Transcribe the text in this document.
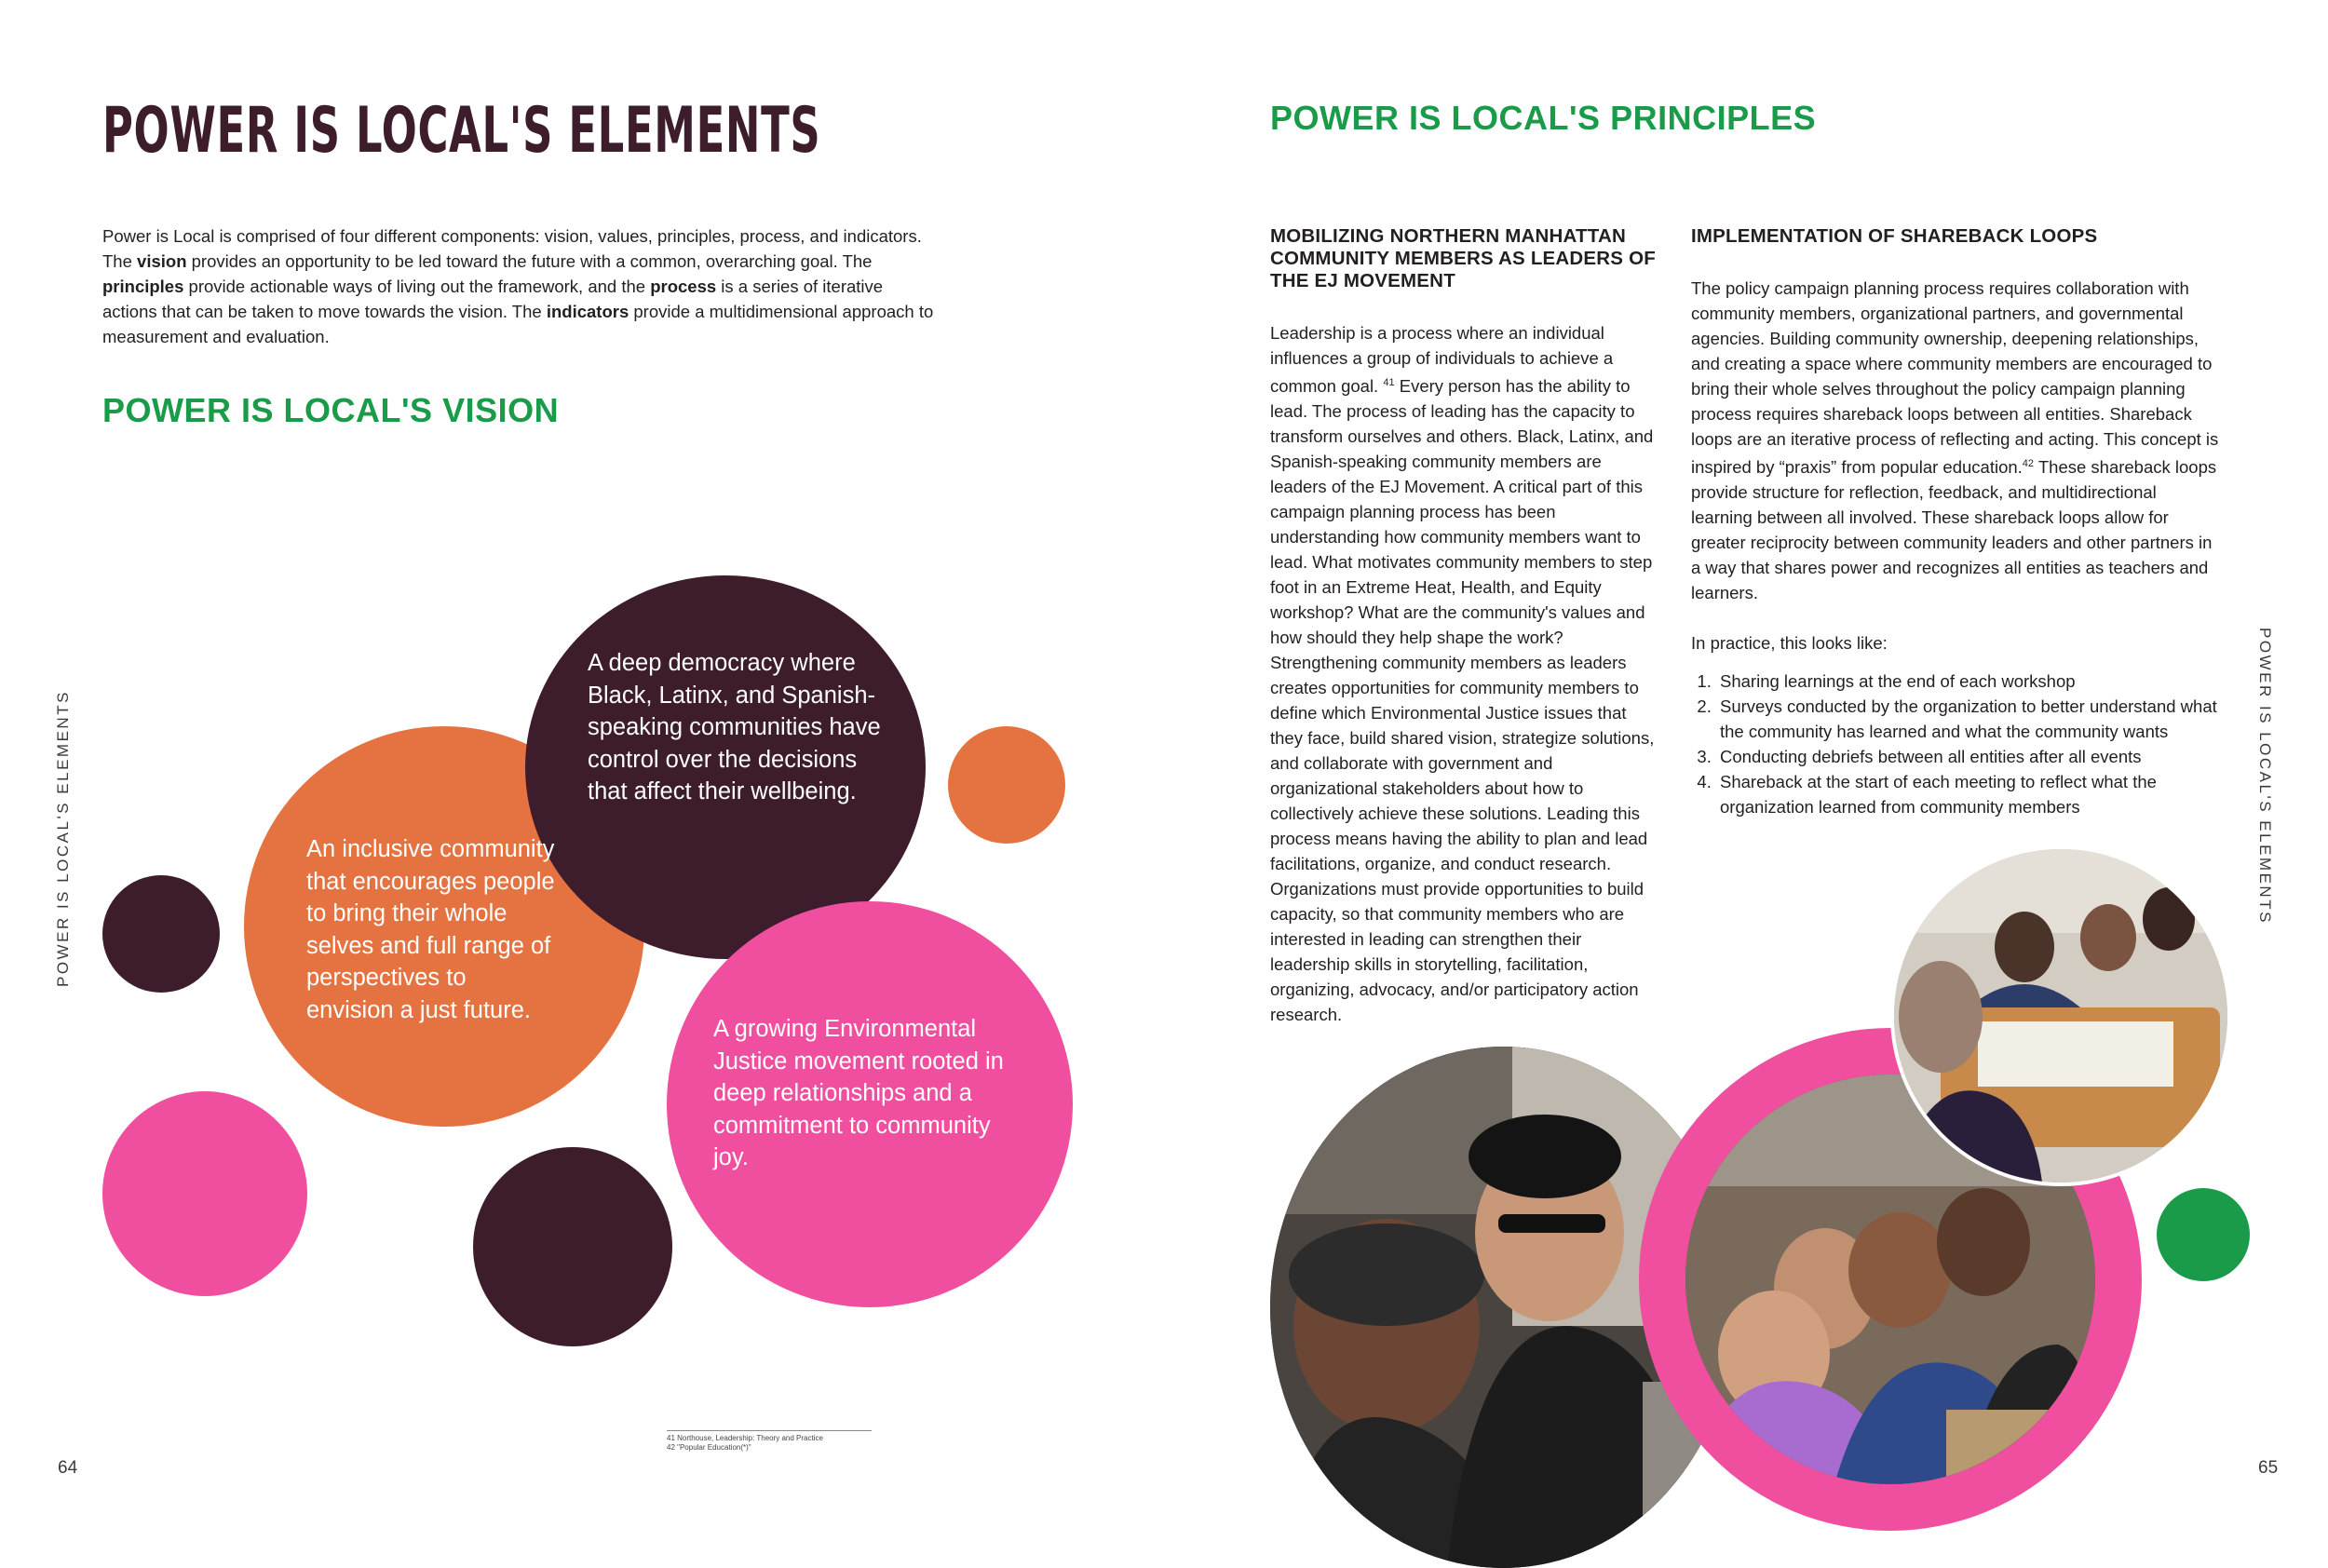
POWER IS LOCAL'S ELEMENTS

Power is Local is comprised of four different components: vision, values, principles, process, and indicators. The vision provides an opportunity to be led toward the future with a common, overarching goal. The principles provide actionable ways of living out the framework, and the process is a series of iterative actions that can be taken to move towards the vision. The indicators provide a multidimensional approach to measurement and evaluation.

POWER IS LOCAL'S VISION

A deep democracy where Black, Latinx, and Spanish-speaking communities have control over the decisions that affect their wellbeing.

An inclusive community that encourages people to bring their whole selves and full range of perspectives to envision a just future.

A growing Environmental Justice movement rooted in deep relationships and a commitment to community joy.

41 Northouse, Leadership: Theory and Practice

42 "Popular Education(*)"

POWER IS LOCAL'S ELEMENTS
64
POWER IS LOCAL'S PRINCIPLES
MOBILIZING NORTHERN MANHATTAN COMMUNITY MEMBERS AS LEADERS OF THE EJ MOVEMENT

Leadership is a process where an individual influences a group of individuals to achieve a common goal. $^{41}$ Every person has the ability to lead. The process of leading has the capacity to transform ourselves and others. Black, Latinx, and Spanish-speaking community members are leaders of the EJ Movement. A critical part of this campaign planning process has been understanding how community members want to lead. What motivates community members to step foot in an Extreme Heat, Health, and Equity workshop? What are the community's values and how should they help shape the work? Strengthening community members as leaders creates opportunities for community members to define which Environmental Justice issues that they face, build shared vision, strategize solutions, and collaborate with government and organizational stakeholders about how to collectively achieve these solutions. Leading this process means having the ability to plan and lead facilitations, organize, and conduct research. Organizations must provide opportunities to build capacity, so that community members who are interested in leading can strengthen their leadership skills in storytelling, facilitation, organizing, advocacy, and/or participatory action research.

IMPLEMENTATION OF SHAREBACK LOOPS

The policy campaign planning process requires collaboration with community members, organizational partners, and governmental agencies. Building community ownership, deepening relationships, and creating a space where community members are encouraged to bring their whole selves throughout the policy campaign planning process requires shareback loops between all entities. Shareback loops are an iterative process of reflecting and acting. This concept is inspired by “praxis” from popular education.$^{42}$ These shareback loops provide structure for reflection, feedback, and multidirectional learning between all involved. These shareback loops allow for greater reciprocity between community leaders and other partners in a way that shares power and recognizes all entities as teachers and learners.

In practice, this looks like:

1. Sharing learnings at the end of each workshop
2. Surveys conducted by the organization to better understand what the community has learned and what the community wants
3. Conducting debriefs between all entities after all events
4. Shareback at the start of each meeting to reflect what the organization learned from community members	POWER IS LOCAL'S ELEMENTS
65
